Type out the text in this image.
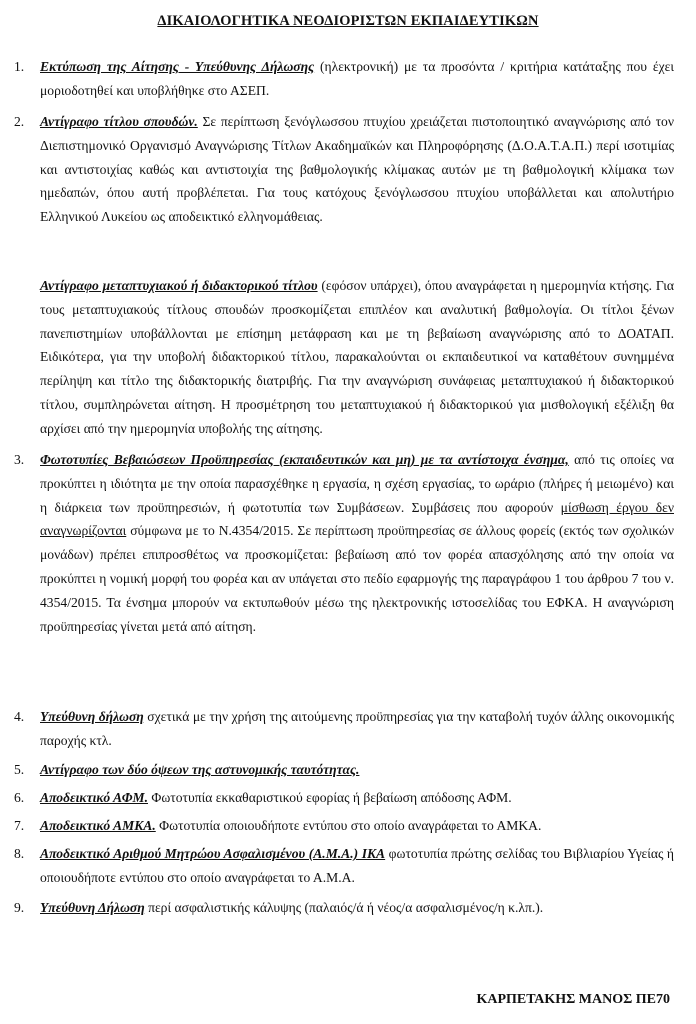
ΔΙΚΑΙΟΛΟΓΗΤΙΚΑ ΝΕΟΔΙΟΡΙΣΤΩΝ ΕΚΠΑΙΔΕΥΤΙΚΩΝ
1.	Εκτύπωση της Αίτησης - Υπεύθυνης Δήλωσης (ηλεκτρονική) με τα προσόντα / κριτήρια κατάταξης που έχει μοριοδοτηθεί και υποβλήθηκε στο ΑΣΕΠ.
2.	Αντίγραφο τίτλου σπουδών. Σε περίπτωση ξενόγλωσσου πτυχίου χρειάζεται πιστοποιητικό αναγνώρισης από τον Διεπιστημονικό Οργανισμό Αναγνώρισης Τίτλων Ακαδημαϊκών και Πληροφόρησης (Δ.Ο.Α.Τ.Α.Π.) περί ισοτιμίας και αντιστοιχίας καθώς και αντιστοιχία της βαθμολογικής κλίμακας αυτών με τη βαθμολογική κλίμακα των ημεδαπών, όπου αυτή προβλέπεται. Για τους κατόχους ξενόγλωσσου πτυχίου υποβάλλεται και απολυτήριο Ελληνικού Λυκείου ως αποδεικτικό ελληνομάθειας.
Αντίγραφο μεταπτυχιακού ή διδακτορικού τίτλου (εφόσον υπάρχει), όπου αναγράφεται η ημερομηνία κτήσης. Για τους μεταπτυχιακούς τίτλους σπουδών προσκομίζεται επιπλέον και αναλυτική βαθμολογία. Οι τίτλοι ξένων πανεπιστημίων υποβάλλονται με επίσημη μετάφραση και με τη βεβαίωση αναγνώρισης από το ΔΟΑΤΑΠ. Ειδικότερα, για την υποβολή διδακτορικού τίτλου, παρακαλούνται οι εκπαιδευτικοί να καταθέτουν συνημμένα περίληψη και τίτλο της διδακτορικής διατριβής. Για την αναγνώριση συνάφειας μεταπτυχιακού ή διδακτορικού τίτλου, συμπληρώνεται αίτηση. Η προσμέτρηση του μεταπτυχιακού ή διδακτορικού για μισθολογική εξέλιξη θα αρχίσει από την ημερομηνία υποβολής της αίτησης.
3.	Φωτοτυπίες Βεβαιώσεων Προϋπηρεσίας (εκπαιδευτικών και μη) με τα αντίστοιχα ένσημα, από τις οποίες να προκύπτει η ιδιότητα με την οποία παρασχέθηκε η εργασία, η σχέση εργασίας, το ωράριο (πλήρες ή μειωμένο) και η διάρκεια των προϋπηρεσιών, ή φωτοτυπία των Συμβάσεων. Συμβάσεις που αφορούν μίσθωση έργου δεν αναγνωρίζονται σύμφωνα με το Ν.4354/2015. Σε περίπτωση προϋπηρεσίας σε άλλους φορείς (εκτός των σχολικών μονάδων) πρέπει επιπροσθέτως να προσκομίζεται: βεβαίωση από τον φορέα απασχόλησης από την οποία να προκύπτει η νομική μορφή του φορέα και αν υπάγεται στο πεδίο εφαρμογής της παραγράφου 1 του άρθρου 7 του ν. 4354/2015. Τα ένσημα μπορούν να εκτυπωθούν μέσω της ηλεκτρονικής ιστοσελίδας του ΕΦΚΑ. Η αναγνώριση προϋπηρεσίας γίνεται μετά από αίτηση.
4.	Υπεύθυνη δήλωση σχετικά με την χρήση της αιτούμενης προϋπηρεσίας για την καταβολή τυχόν άλλης οικονομικής παροχής κτλ.
5.	Αντίγραφο των δύο όψεων της αστυνομικής ταυτότητας.
6.	Αποδεικτικό ΑΦΜ. Φωτοτυπία εκκαθαριστικού εφορίας ή βεβαίωση απόδοσης ΑΦΜ.
7.	Αποδεικτικό ΑΜΚΑ. Φωτοτυπία οποιουδήποτε εντύπου στο οποίο αναγράφεται το ΑΜΚΑ.
8.	Αποδεικτικό Αριθμού Μητρώου Ασφαλισμένου (Α.Μ.Α.) ΙΚΑ φωτοτυπία πρώτης σελίδας του Βιβλιαρίου Υγείας ή οποιουδήποτε εντύπου στο οποίο αναγράφεται το Α.Μ.Α.
9.	Υπεύθυνη Δήλωση περί ασφαλιστικής κάλυψης (παλαιός/ά ή νέος/α ασφαλισμένος/η κ.λπ.).
ΚΑΡΠΕΤΑΚΗΣ ΜΑΝΟΣ ΠΕ70
